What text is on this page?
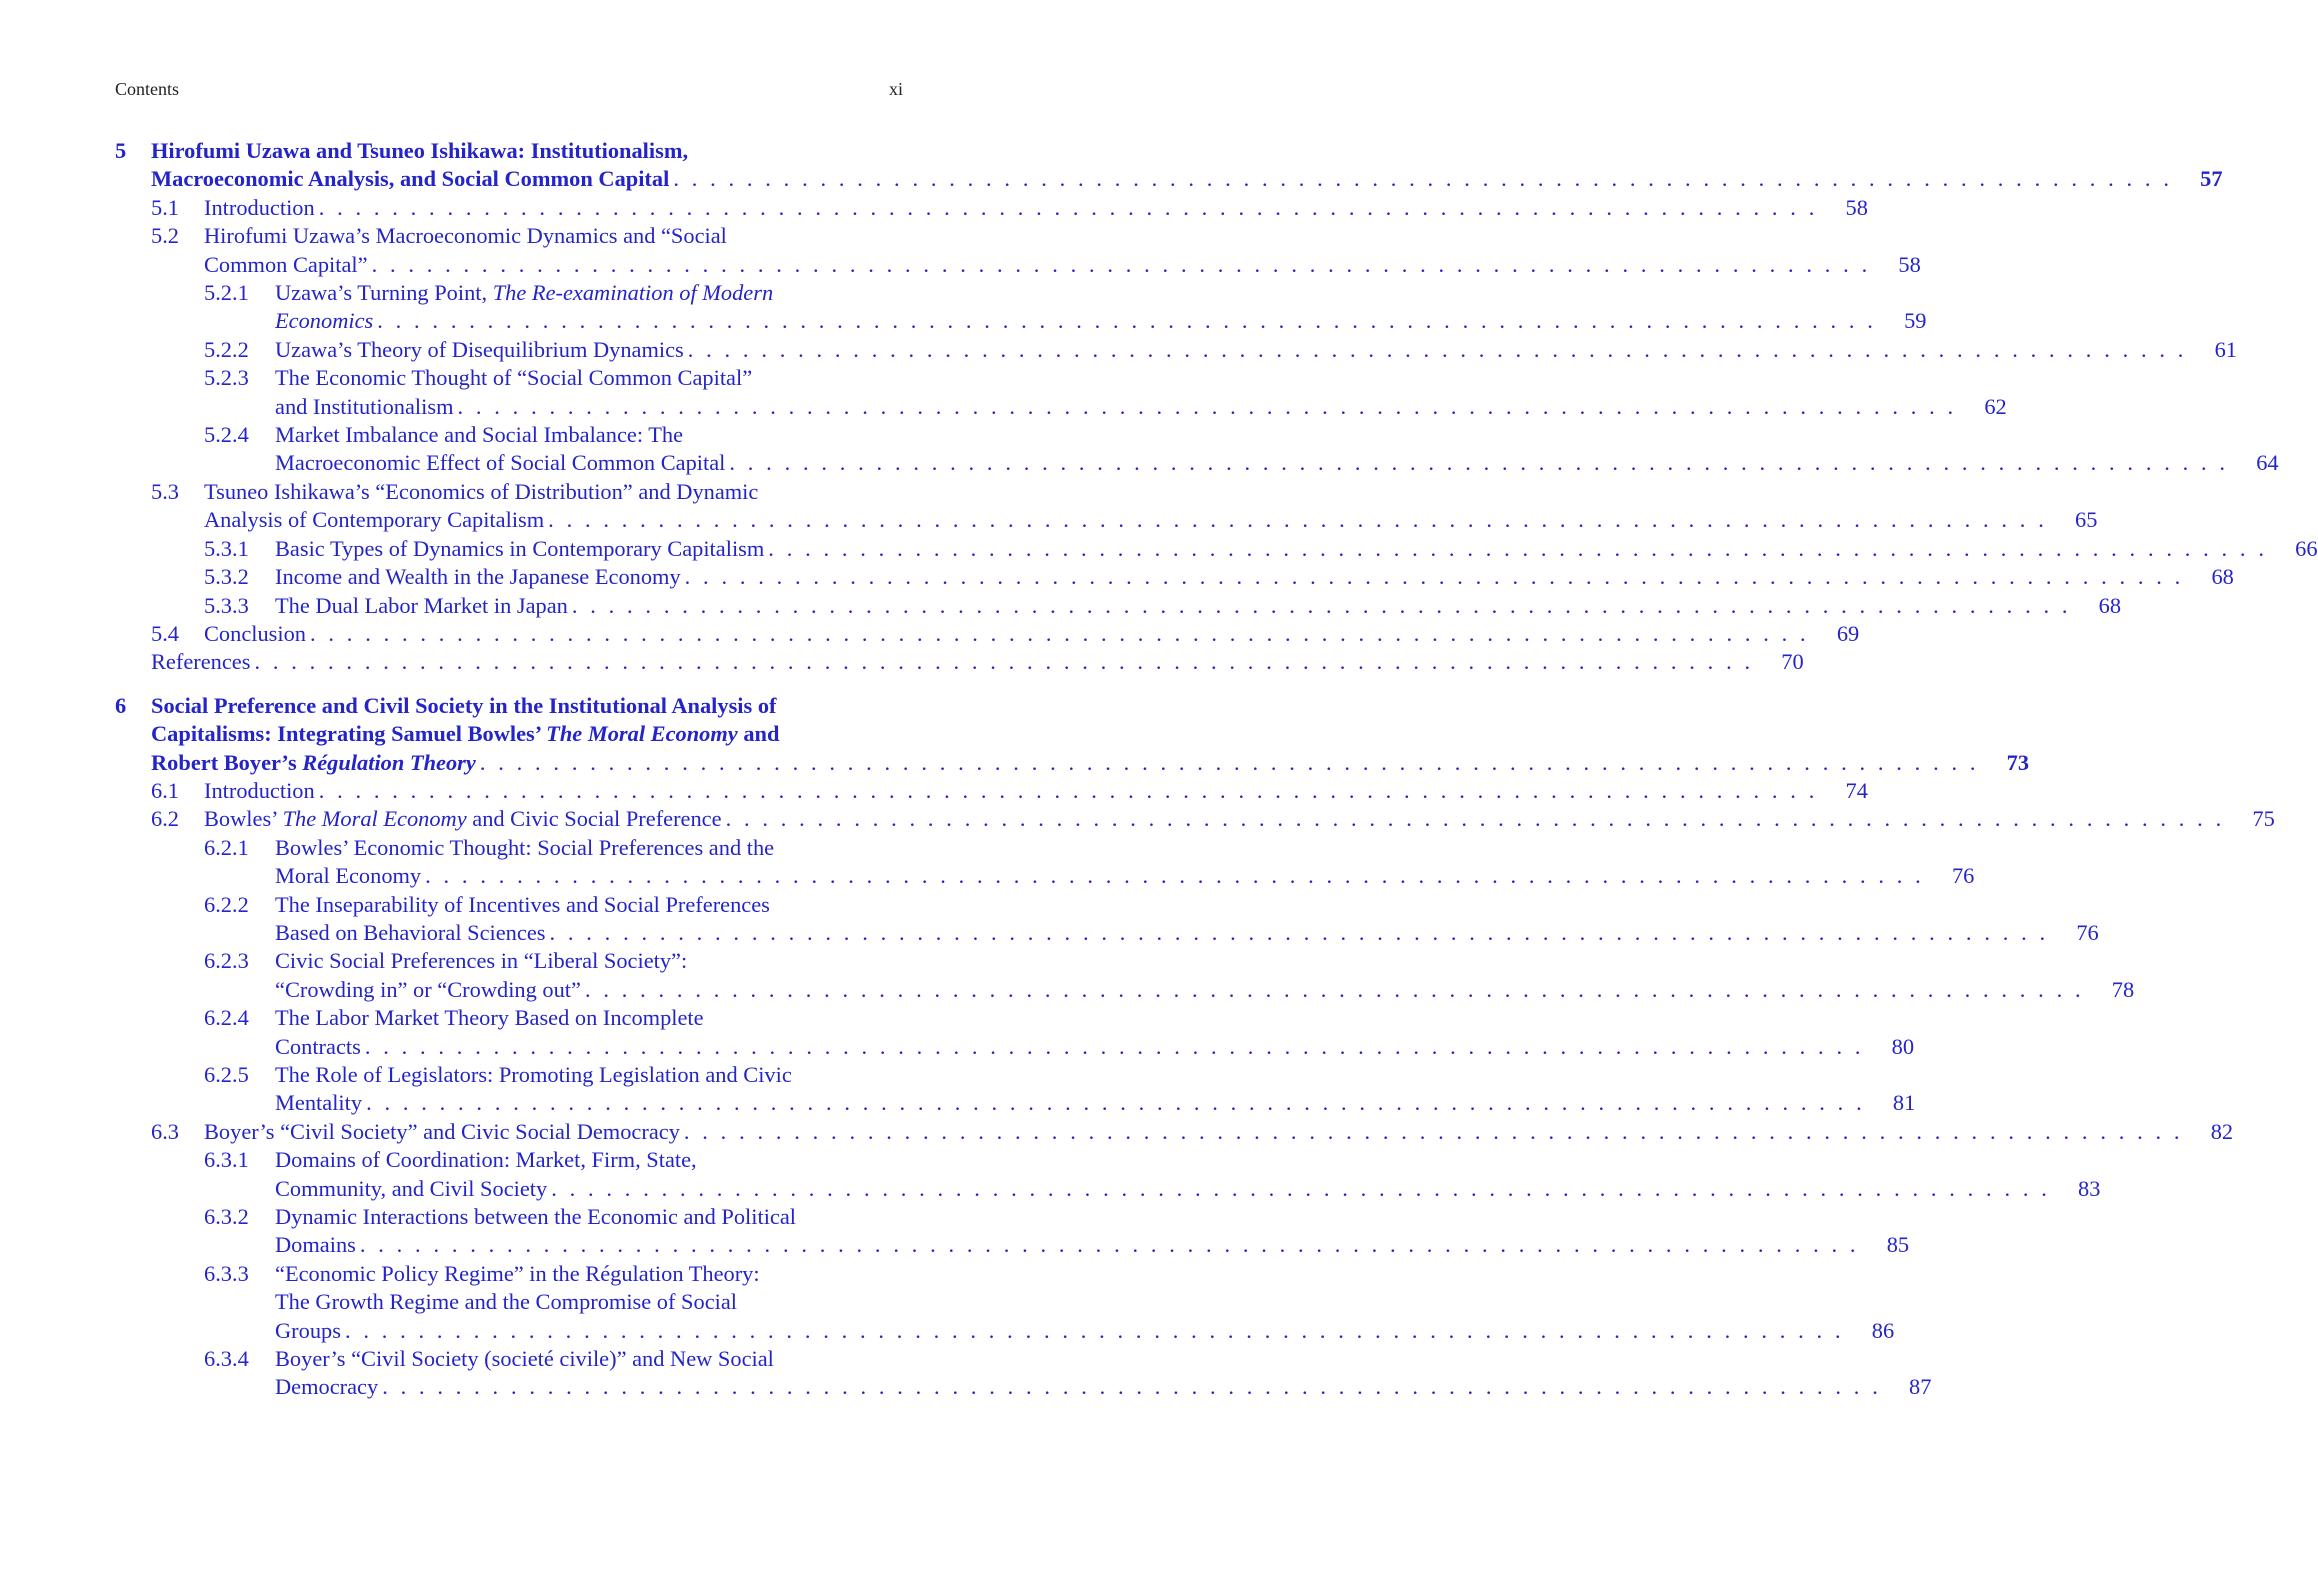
Contents	xi
5	Hirofumi Uzawa and Tsuneo Ishikawa: Institutionalism,
Macroeconomic Analysis, and Social Common Capital . . .	57
5.1	Introduction . . .	58
5.2	Hirofumi Uzawa’s Macroeconomic Dynamics and “Social
Common Capital” . . .	58
5.2.1	Uzawa’s Turning Point, The Re-examination of Modern
Economics . . .	59
5.2.2	Uzawa’s Theory of Disequilibrium Dynamics . . .	61
5.2.3	The Economic Thought of “Social Common Capital”
and Institutionalism . . .	62
5.2.4	Market Imbalance and Social Imbalance: The
Macroeconomic Effect of Social Common Capital . . .	64
5.3	Tsuneo Ishikawa’s “Economics of Distribution” and Dynamic
Analysis of Contemporary Capitalism . . .	65
5.3.1	Basic Types of Dynamics in Contemporary Capitalism . . .	66
5.3.2	Income and Wealth in the Japanese Economy . . .	68
5.3.3	The Dual Labor Market in Japan . . .	68
5.4	Conclusion . . .	69
References . . .	70
6	Social Preference and Civil Society in the Institutional Analysis of
Capitalisms: Integrating Samuel Bowles’ The Moral Economy and
Robert Boyer’s Régulation Theory . . .	73
6.1	Introduction . . .	74
6.2	Bowles’ The Moral Economy and Civic Social Preference . . .	75
6.2.1	Bowles’ Economic Thought: Social Preferences and the
Moral Economy . . .	76
6.2.2	The Inseparability of Incentives and Social Preferences
Based on Behavioral Sciences . . .	76
6.2.3	Civic Social Preferences in “Liberal Society”:
“Crowding in” or “Crowding out” . . .	78
6.2.4	The Labor Market Theory Based on Incomplete
Contracts . . .	80
6.2.5	The Role of Legislators: Promoting Legislation and Civic
Mentality . . .	81
6.3	Boyer’s “Civil Society” and Civic Social Democracy . . .	82
6.3.1	Domains of Coordination: Market, Firm, State,
Community, and Civil Society . . .	83
6.3.2	Dynamic Interactions between the Economic and Political
Domains . . .	85
6.3.3	“Economic Policy Regime” in the Régulation Theory:
The Growth Regime and the Compromise of Social
Groups . . .	86
6.3.4	Boyer’s “Civil Society (societé civile)” and New Social
Democracy . . .	87
